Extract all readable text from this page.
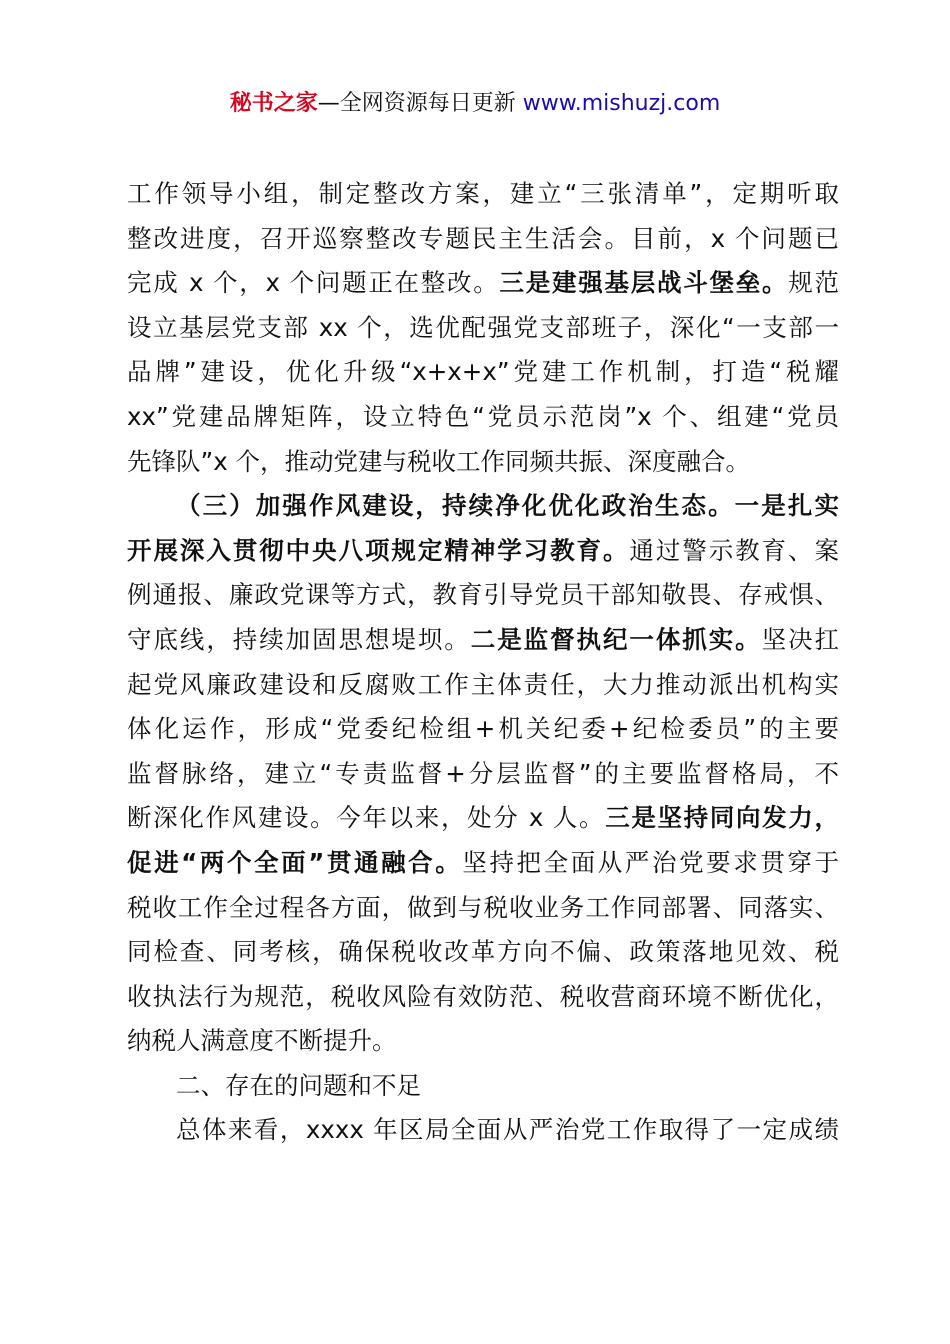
秘书之家—全网资源每日更新 www.mishuzj.com
工作领导小组，制定整改方案，建立“三张清单”，定期听取
整改进度，召开巡察整改专题民主生活会。目前，x 个问题已
完成 x 个，x 个问题正在整改。三是建强基层战斗堡垒。规范
设立基层党支部 xx 个，选优配强党支部班子，深化“一支部一
品牌”建设，优化升级“x+x+x”党建工作机制，打造“税耀
xx”党建品牌矩阵，设立特色“党员示范岗”x 个、组建“党员
先锋队”x 个，推动党建与税收工作同频共振、深度融合。
（三）加强作风建设，持续净化优化政治生态。一是扎实
开展深入贯彻中央八项规定精神学习教育。通过警示教育、案
例通报、廉政党课等方式，教育引导党员干部知敬畏、存戒惧、
守底线，持续加固思想堤坝。二是监督执纪一体抓实。坚决扛
起党风廉政建设和反腐败工作主体责任，大力推动派出机构实
体化运作，形成“党委纪检组+机关纪委+纪检委员”的主要
监督脉络，建立“专责监督+分层监督”的主要监督格局，不
断深化作风建设。今年以来，处分 x 人。三是坚持同向发力，
促进“两个全面”贯通融合。坚持把全面从严治党要求贯穿于
税收工作全过程各方面，做到与税收业务工作同部署、同落实、
同检查、同考核，确保税收改革方向不偏、政策落地见效、税
收执法行为规范，税收风险有效防范、税收营商环境不断优化，
纳税人满意度不断提升。
二、存在的问题和不足
总体来看，xxxx 年区局全面从严治党工作取得了一定成绩
